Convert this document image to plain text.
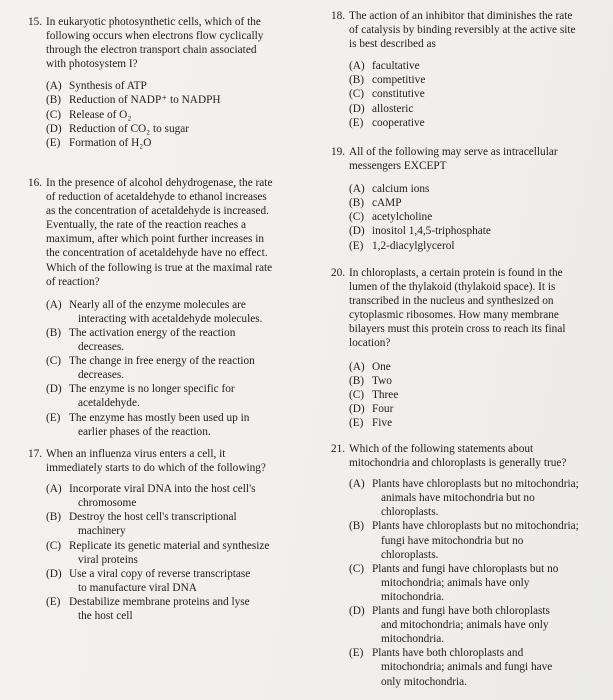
15. In eukaryotic photosynthetic cells, which of the
following occurs when electrons flow cyclically
through the electron transport chain associated
with photosystem I?
(A) Synthesis of ATP
(B) Reduction of NADP⁺ to NADPH
(C) Release of O₂
(D) Reduction of CO₂ to sugar
(E) Formation of H₂O
16. In the presence of alcohol dehydrogenase, the rate
of reduction of acetaldehyde to ethanol increases
as the concentration of acetaldehyde is increased.
Eventually, the rate of the reaction reaches a
maximum, after which point further increases in
the concentration of acetaldehyde have no effect.
Which of the following is true at the maximal rate
of reaction?
(A) Nearly all of the enzyme molecules are
interacting with acetaldehyde molecules.
(B) The activation energy of the reaction
decreases.
(C) The change in free energy of the reaction
decreases.
(D) The enzyme is no longer specific for
acetaldehyde.
(E) The enzyme has mostly been used up in
earlier phases of the reaction.
17. When an influenza virus enters a cell, it
immediately starts to do which of the following?
(A) Incorporate viral DNA into the host cell's
chromosome
(B) Destroy the host cell's transcriptional
machinery
(C) Replicate its genetic material and synthesize
viral proteins
(D) Use a viral copy of reverse transcriptase
to manufacture viral DNA
(E) Destabilize membrane proteins and lyse
the host cell
18. The action of an inhibitor that diminishes the rate
of catalysis by binding reversibly at the active site
is best described as
(A) facultative
(B) competitive
(C) constitutive
(D) allosteric
(E) cooperative
19. All of the following may serve as intracellular
messengers EXCEPT
(A) calcium ions
(B) cAMP
(C) acetylcholine
(D) inositol 1,4,5-triphosphate
(E) 1,2-diacylglycerol
20. In chloroplasts, a certain protein is found in the
lumen of the thylakoid (thylakoid space). It is
transcribed in the nucleus and synthesized on
cytoplasmic ribosomes. How many membrane
bilayers must this protein cross to reach its final
location?
(A) One
(B) Two
(C) Three
(D) Four
(E) Five
21. Which of the following statements about
mitochondria and chloroplasts is generally true?
(A) Plants have chloroplasts but no mitochondria;
animals have mitochondria but no
chloroplasts.
(B) Plants have chloroplasts but no mitochondria;
fungi have mitochondria but no
chloroplasts.
(C) Plants and fungi have chloroplasts but no
mitochondria; animals have only
mitochondria.
(D) Plants and fungi have both chloroplasts
and mitochondria; animals have only
mitochondria.
(E) Plants have both chloroplasts and
mitochondria; animals and fungi have
only mitochondria.
